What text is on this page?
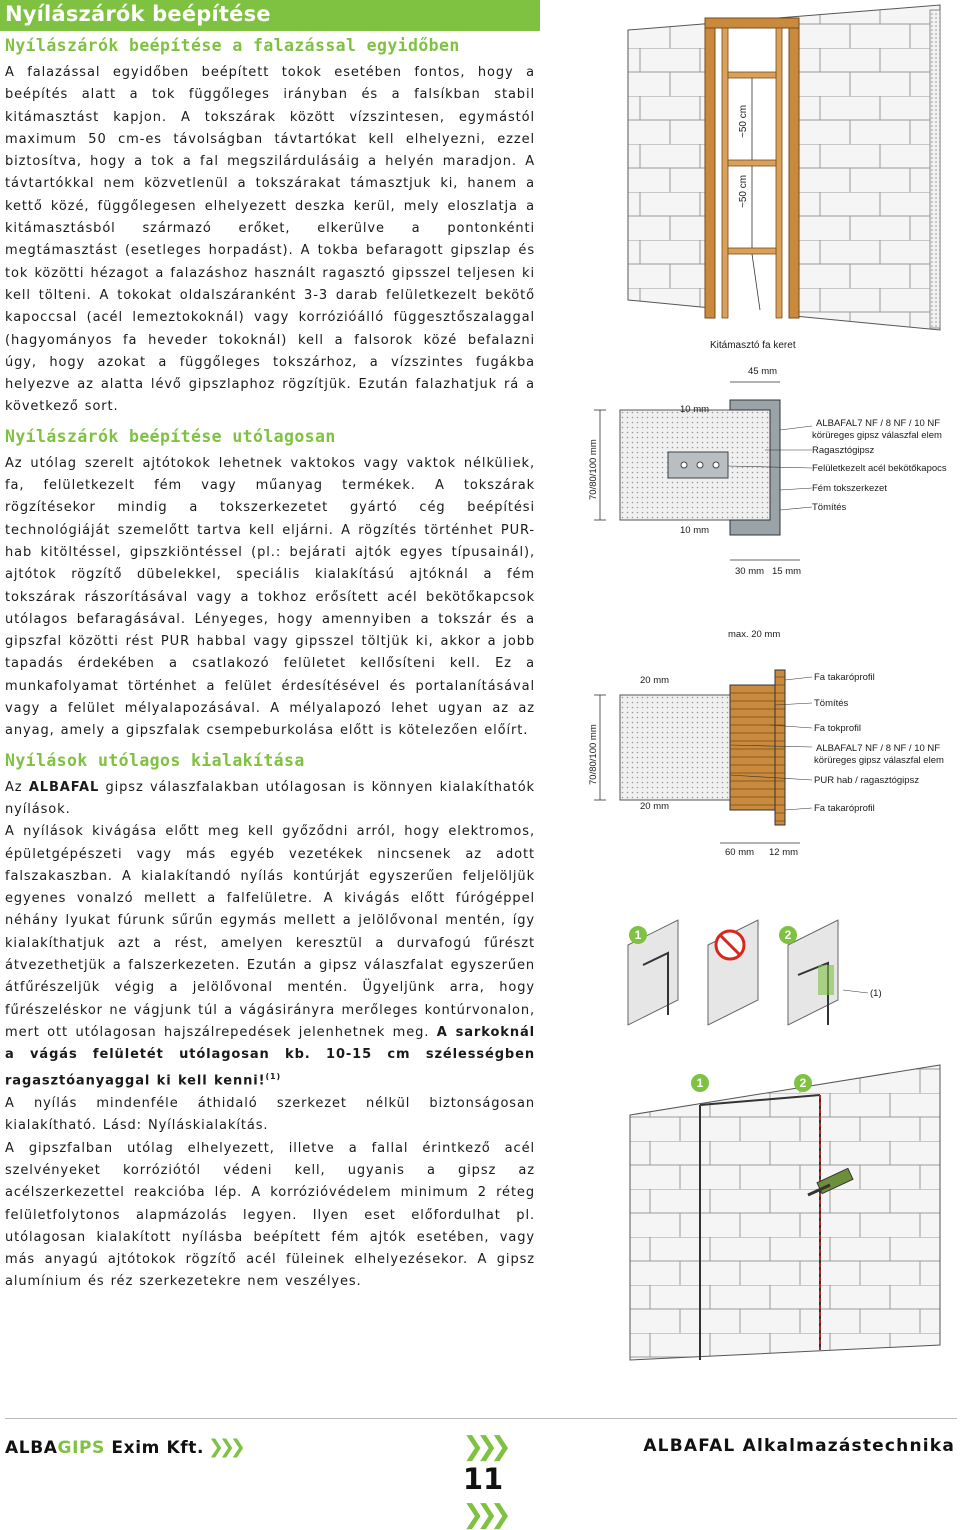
Nyílászárók beépítése
Nyílászárók beépítése a falazással egyidőben

A falazással egyidőben beépített tokok esetében fontos, hogy a beépítés alatt a tok függőleges irányban és a falsíkban stabil kitámasztást kapjon. A tokszárak között vízszintesen, egymástól maximum 50 cm-es távolságban távtartókat kell elhelyezni, ezzel biztosítva, hogy a tok a fal megszilárdulásáig a helyén maradjon. A távtartókkal nem közvetlenül a tokszárakat támasztjuk ki, hanem a kettő közé, függőlegesen elhelyezett deszka kerül, mely eloszlatja a kitámasztásból származó erőket, elkerülve a pontonkénti megtámasztást (esetleges horpadást). A tokba befaragott gipszlap és tok közötti hézagot a falazáshoz használt ragasztó gipsszel teljesen ki kell tölteni. A tokokat oldalszáranként 3-3 darab felületkezelt bekötő kapoccsal (acél lemeztokoknál) vagy korrózióálló függesztőszalaggal (hagyományos fa heveder tokoknál) kell a falsorok közé befalazni úgy, hogy azokat a függőleges tokszárhoz, a vízszintes fugákba helyezve az alatta lévő gipszlaphoz rögzítjük. Ezután falazhatjuk rá a következő sort.

Nyílászárók beépítése utólagosan

Az utólag szerelt ajtótokok lehetnek vaktokos vagy vaktok nélküliek, fa, felületkezelt fém vagy műanyag termékek. A tokszárak rögzítésekor mindig a tokszerkezetet gyártó cég beépítési technológiáját szemelőtt tartva kell eljárni. A rögzítés történhet PUR-hab kitöltéssel, gipszkiöntéssel (pl.: bejárati ajtók egyes típusainál), ajtótok rögzítő dübelekkel, speciális kialakítású ajtóknál a fém tokszárak rászorításával vagy a tokhoz erősített acél bekötőkapcsok utólagos befaragásával. Lényeges, hogy amennyiben a tokszár és a gipszfal közötti rést PUR habbal vagy gipsszel töltjük ki, akkor a jobb tapadás érdekében a csatlakozó felületet kellősíteni kell. Ez a munkafolyamat történhet a felület érdesítésével és portalanításával vagy a felület mélyalapozásával. A mélyalapozó lehet ugyan az az anyag, amely a gipszfalak csempeburkolása előtt is kötelezően előírt.

Nyílások utólagos kialakítása

Az ALBAFAL gipsz válaszfalakban utólagosan is könnyen kialakíthatók nyílások.

A nyílások kivágása előtt meg kell győződni arról, hogy elektromos, épületgépészeti vagy más egyéb vezetékek nincsenek az adott falszakaszban. A kialakítandó nyílás kontúrját egyszerűen feljelöljük egyenes vonalzó mellett a falfelületre. A kivágás előtt fúrógéppel néhány lyukat fúrunk sűrűn egymás mellett a jelölővonal mentén, így kialakíthatjuk azt a rést, amelyen keresztül a durvafogú fűrészt átvezethetjük a falszerkezeten. Ezután a gipsz válaszfalat egyszerűen átfűrészeljük végig a jelölővonal mentén. Ügyeljünk arra, hogy fűrészeléskor ne vágjunk túl a vágásirányra merőleges kontúrvonalon, mert ott utólagosan hajszálrepedések jelenhetnek meg. A sarkoknál a vágás felületét utólagosan kb. 10-15 cm szélességben ragasztóanyaggal ki kell kenni!$^{(1)}$

A nyílás mindenféle áthidaló szerkezet nélkül biztonságosan kialakítható. Lásd: Nyíláskialakítás.

A gipszfalban utólag elhelyezett, illetve a fallal érintkező acél szelvényeket korróziótól védeni kell, ugyanis a gipsz az acélszerkezettel reakcióba lép. A korrózióvédelem minimum 2 réteg felületfolytonos alapmázolás legyen. Ilyen eset előfordulhat pl. utólagosan kialakított nyílásba beépített fém ajtók esetében, vagy más anyagú ajtótokok rögzítő acél füleinek elhelyezésekor. A gipsz alumínium és réz szerkezetekre nem veszélyes.

~50 cm
~50 cm
Kitámasztó fa keret
70/80/100 mm
10 mm
10 mm
45 mm
30 mm 15 mm
ALBAFAL7 NF / 8 NF / 10 NF
körüreges gipsz válaszfal elem
Ragasztógipsz
Felületkezelt acél bekötőkapocs
Fém tokszerkezet
Tömítés
max. 20 mm
70/80/100 mm
20 mm
20 mm
60 mm 12 mm
Fa takaróprofil
Tömítés
Fa tokprofil
ALBAFAL7 NF / 8 NF / 10 NF
körüreges gipsz válaszfal elem
PUR hab / ragasztógipsz
Fa takaróprofil
1	2
(1)
1	2
ALBAGIPS Exim Kft. ❯❯❯	❯❯❯ 11 ❯❯❯
ALBAFAL Alkalmazástechnika
